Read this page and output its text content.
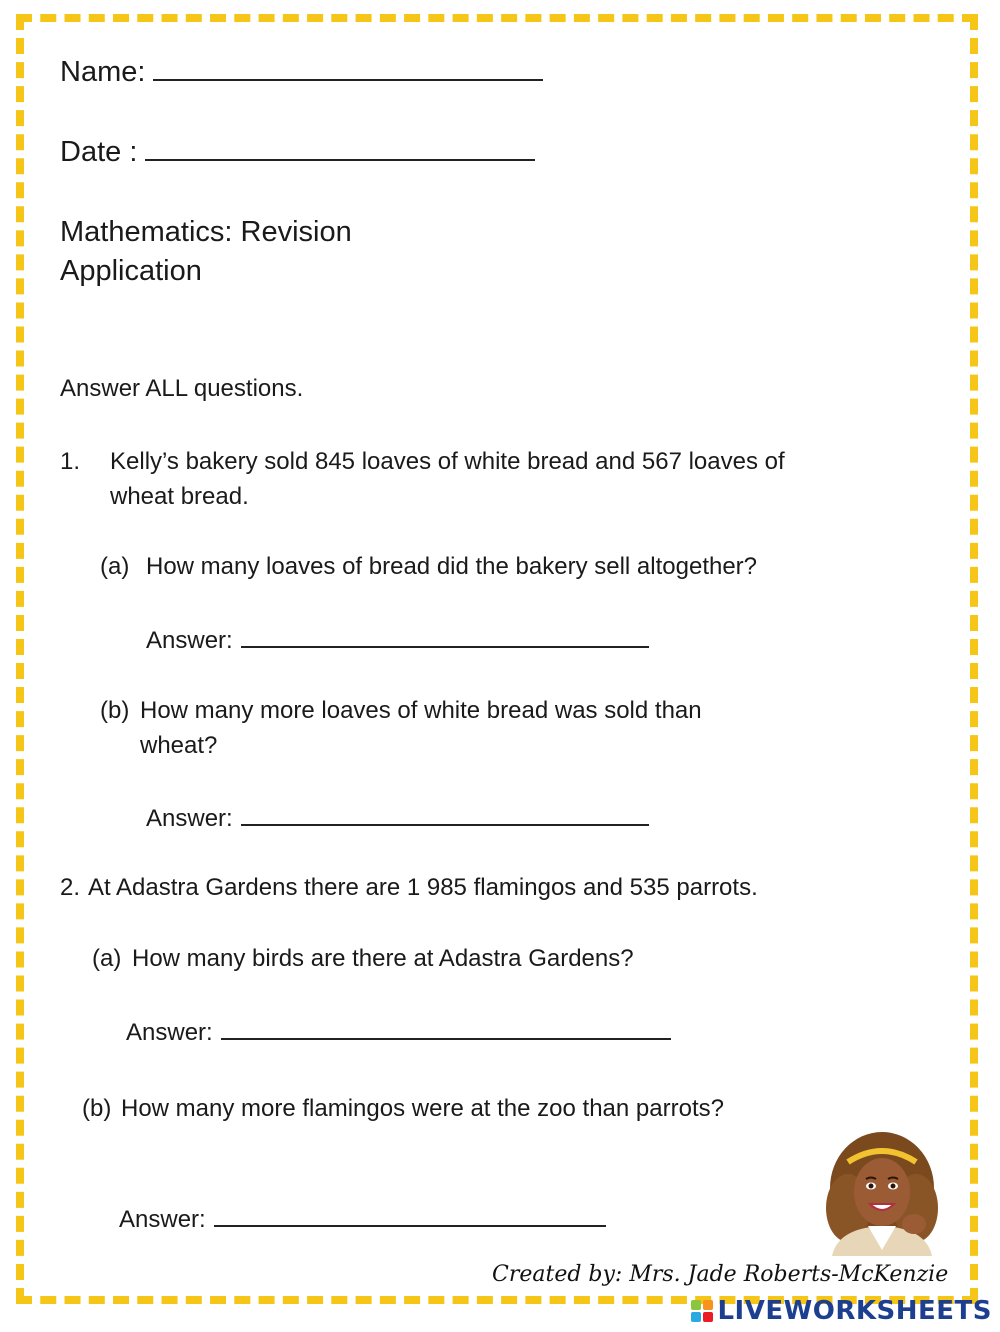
Name:
Date :
Mathematics: Revision
Application
Answer ALL questions.
1. Kelly’s bakery sold 845 loaves of white bread and 567 loaves of
wheat bread.
(a) How many loaves of bread did the bakery sell altogether?
Answer:
(b) How many more loaves of white bread was sold than
wheat?
Answer:
2. At Adastra Gardens there are 1 985 flamingos and 535 parrots.
(a) How many birds are there at Adastra Gardens?
Answer:
(b) How many more flamingos were at the zoo than parrots?
Answer:
Created by: Mrs. Jade Roberts-McKenzie
LIVEWORKSHEETS
